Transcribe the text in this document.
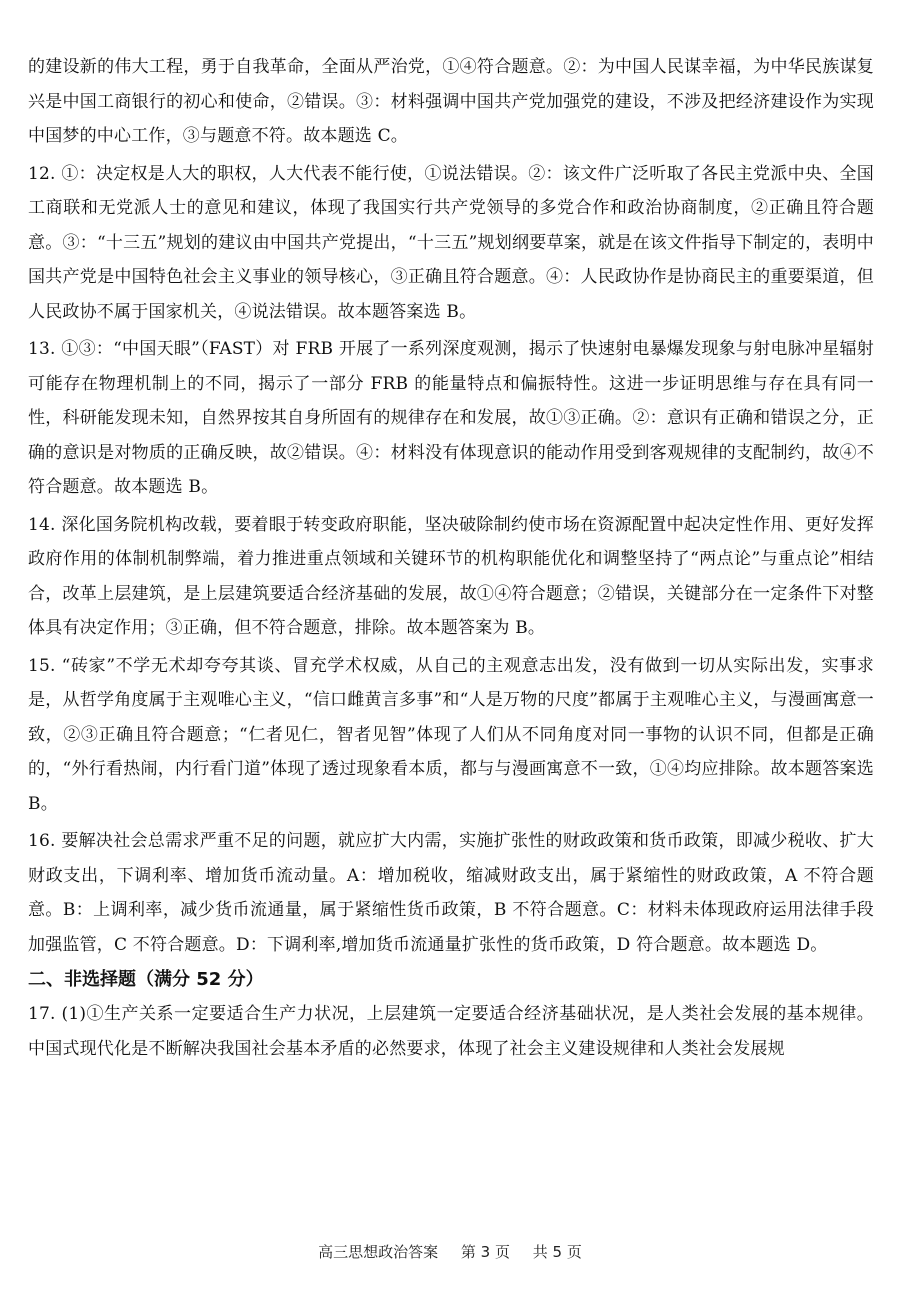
的建设新的伟大工程，勇于自我革命，全面从严治党，①④符合题意。②：为中国人民谋幸福，为中华民族谋复兴是中国工商银行的初心和使命，②错误。③：材料强调中国共产党加强党的建设，不涉及把经济建设作为实现中国梦的中心工作，③与题意不符。故本题选 C。

12. ①：决定权是人大的职权，人大代表不能行使，①说法错误。②：该文件广泛听取了各民主党派中央、全国工商联和无党派人士的意见和建议，体现了我国实行共产党领导的多党合作和政治协商制度，②正确且符合题意。③：“十三五”规划的建议由中国共产党提出，“十三五”规划纲要草案，就是在该文件指导下制定的，表明中国共产党是中国特色社会主义事业的领导核心，③正确且符合题意。④：人民政协作是协商民主的重要渠道，但人民政协不属于国家机关，④说法错误。故本题答案选 B。

13. ①③：“中国天眼”（FAST）对 FRB 开展了一系列深度观测，揭示了快速射电暴爆发现象与射电脉冲星辐射可能存在物理机制上的不同，揭示了一部分 FRB 的能量特点和偏振特性。这进一步证明思维与存在具有同一性，科研能发现未知，自然界按其自身所固有的规律存在和发展，故①③正确。②：意识有正确和错误之分，正确的意识是对物质的正确反映，故②错误。④：材料没有体现意识的能动作用受到客观规律的支配制约，故④不符合题意。故本题选 B。

14. 深化国务院机构改载，要着眼于转变政府职能，坚决破除制约使市场在资源配置中起决定性作用、更好发挥政府作用的体制机制弊端，着力推进重点领域和关键环节的机构职能优化和调整坚持了“两点论”与重点论”相结合，改革上层建筑，是上层建筑要适合经济基础的发展，故①④符合题意；②错误，关键部分在一定条件下对整体具有决定作用；③正确，但不符合题意，排除。故本题答案为 B。

15. “砖家”不学无术却夸夸其谈、冒充学术权威，从自己的主观意志出发，没有做到一切从实际出发，实事求是，从哲学角度属于主观唯心主义，“信口雌黄言多事”和“人是万物的尺度”都属于主观唯心主义，与漫画寓意一致，②③正确且符合题意；“仁者见仁，智者见智”体现了人们从不同角度对同一事物的认识不同，但都是正确的，“外行看热闹，内行看门道”体现了透过现象看本质，都与与漫画寓意不一致，①④均应排除。故本题答案选 B。

16. 要解决社会总需求严重不足的问题，就应扩大内需，实施扩张性的财政政策和货币政策，即减少税收、扩大财政支出，下调利率、增加货币流动量。A：增加税收，缩减财政支出，属于紧缩性的财政政策，A 不符合题意。B：上调利率，减少货币流通量，属于紧缩性货币政策，B 不符合题意。C：材料未体现政府运用法律手段加强监管，C 不符合题意。D：下调利率,增加货币流通量扩张性的货币政策，D 符合题意。故本题选 D。

二、非选择题（满分 52 分）

17. (1)①生产关系一定要适合生产力状况，上层建筑一定要适合经济基础状况，是人类社会发展的基本规律。中国式现代化是不断解决我国社会基本矛盾的必然要求，体现了社会主义建设规律和人类社会发展规

高三思想政治答案 第 3 页 共 5 页
